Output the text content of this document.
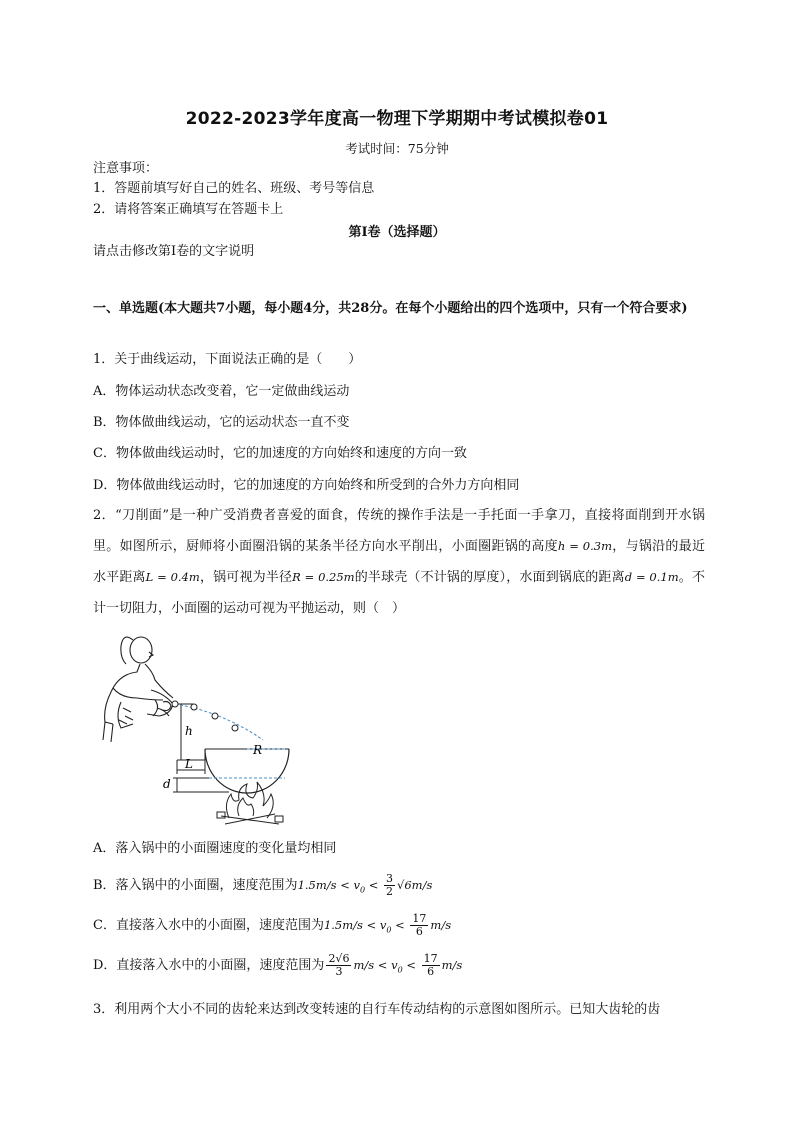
2022-2023学年度高一物理下学期期中考试模拟卷01
考试时间：75分钟
注意事项：
1．答题前填写好自己的姓名、班级、考号等信息
2．请将答案正确填写在答题卡上
第Ⅰ卷（选择题）
请点击修改第Ⅰ卷的文字说明
一、单选题(本大题共7小题，每小题4分，共28分。在每个小题给出的四个选项中，只有一个符合要求)
1．关于曲线运动，下面说法正确的是（　　）
A．物体运动状态改变着，它一定做曲线运动
B．物体做曲线运动，它的运动状态一直不变
C．物体做曲线运动时，它的加速度的方向始终和速度的方向一致
D．物体做曲线运动时，它的加速度的方向始终和所受到的合外力方向相同
2．“刀削面”是一种广受消费者喜爱的面食，传统的操作手法是一手托面一手拿刀，直接将面削到开水锅里。如图所示，厨师将小面圈沿锅的某条半径方向水平削出，小面圈距锅的高度h = 0.3m，与锅沿的最近水平距离L = 0.4m，锅可视为半径R = 0.25m的半球壳（不计锅的厚度），水面到锅底的距离d = 0.1m。不计一切阻力，小面圈的运动可视为平抛运动，则（　）
h
R
L
d
A．落入锅中的小面圈速度的变化量均相同
B．落入锅中的小面圈，速度范围为$1.5m/s < v_0 < \frac{3}{2} √6m/s$
C．直接落入水中的小面圈，速度范围为$1.5m/s < v_0 < \frac{17}{6} m/s$
D．直接落入水中的小面圈，速度范围为 $\frac{2√6}{3} m/s < v_0 < \frac{17}{6} m/s$
3．利用两个大小不同的齿轮来达到改变转速的自行车传动结构的示意图如图所示。已知大齿轮的齿
